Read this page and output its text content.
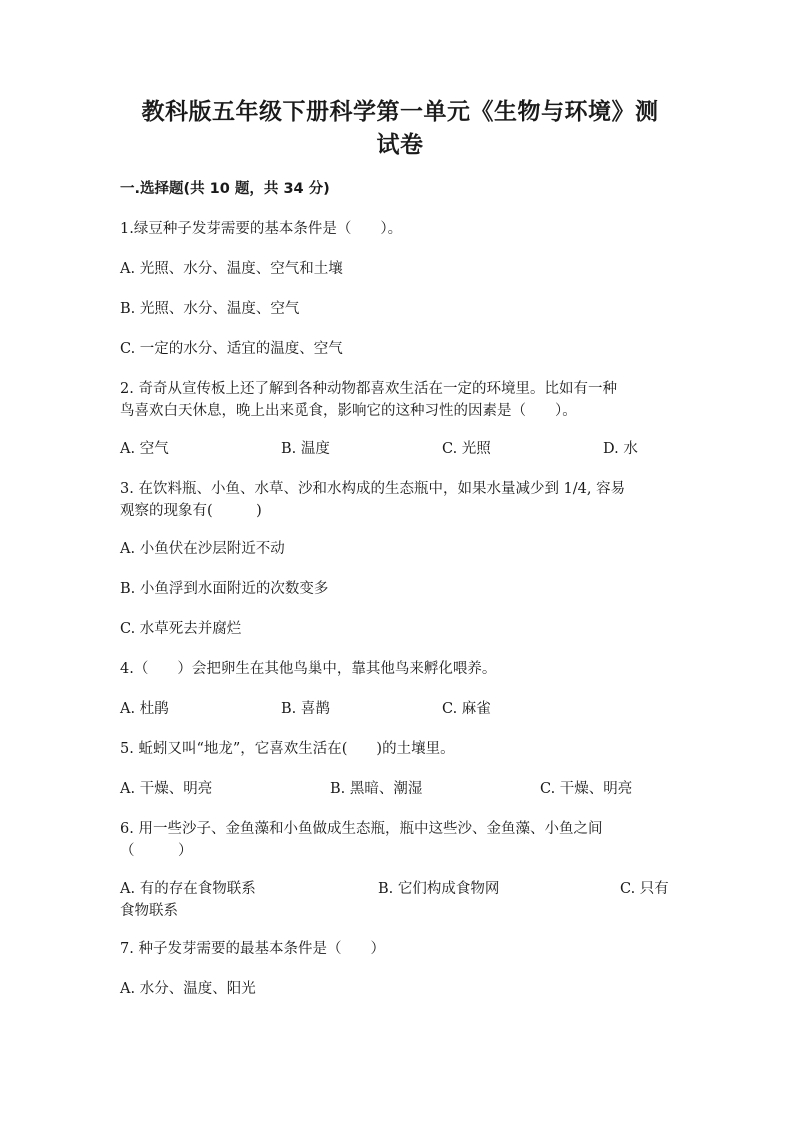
教科版五年级下册科学第一单元《生物与环境》测
试卷
一.选择题(共 10 题，共 34 分)
1.绿豆种子发芽需要的基本条件是（　　）。
A. 光照、水分、温度、空气和土壤
B. 光照、水分、温度、空气
C. 一定的水分、适宜的温度、空气
2. 奇奇从宣传板上还了解到各种动物都喜欢生活在一定的环境里。比如有一种
鸟喜欢白天休息，晚上出来觅食，影响它的这种习性的因素是（　　）。
A. 空气	B. 温度	C. 光照	D. 水
3. 在饮料瓶、小鱼、水草、沙和水构成的生态瓶中，如果水量减少到 1/4, 容易
观察的现象有(　　　)
A. 小鱼伏在沙层附近不动
B. 小鱼浮到水面附近的次数变多
C. 水草死去并腐烂
4.（　　）会把卵生在其他鸟巢中，靠其他鸟来孵化喂养。
A. 杜鹃	B. 喜鹊	C. 麻雀
5. 蚯蚓又叫“地龙”，它喜欢生活在(　　)的土壤里。
A. 干燥、明亮	B. 黑暗、潮湿	C. 干燥、明亮
6. 用一些沙子、金鱼藻和小鱼做成生态瓶，瓶中这些沙、金鱼藻、小鱼之间
（　　　）
A. 有的存在食物联系	B. 它们构成食物网	C. 只有
食物联系
7. 种子发芽需要的最基本条件是（　　）
A. 水分、温度、阳光
